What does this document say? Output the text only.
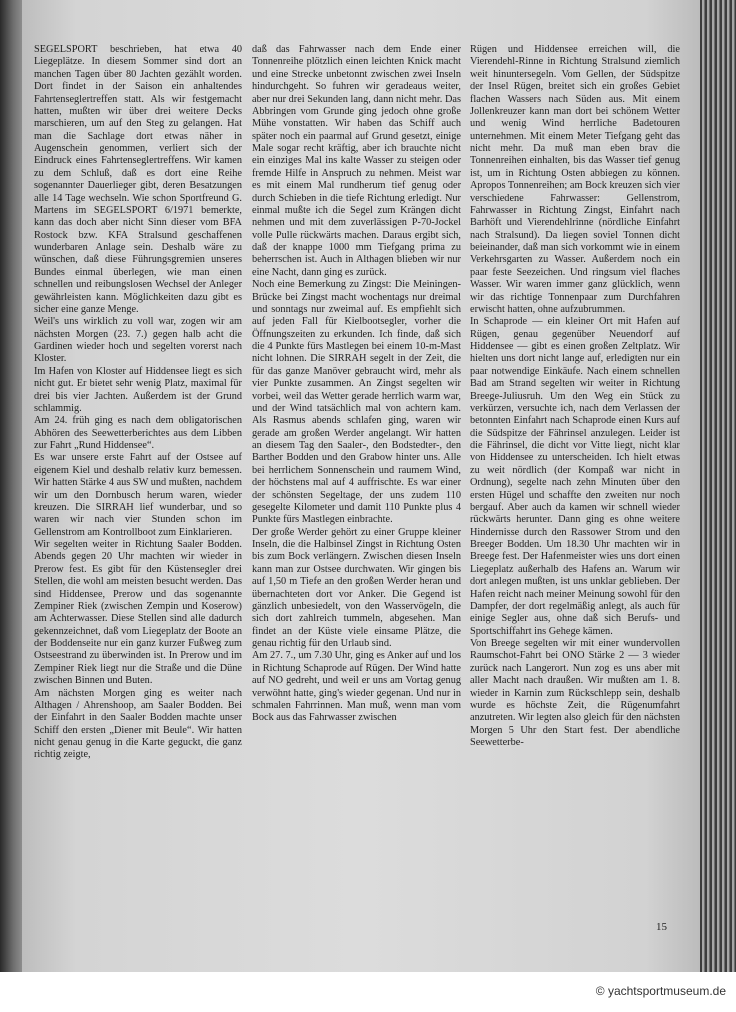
SEGELSPORT beschrieben, hat etwa 40 Liegeplätze. In diesem Sommer sind dort an manchen Tagen über 80 Jachten gezählt worden. Dort findet in der Saison ein anhaltendes Fahrtenseglertreffen statt. Als wir festgemacht hatten, mußten wir über drei weitere Decks marschieren, um auf den Steg zu gelangen. Hat man die Sachlage dort etwas näher in Augenschein genommen, verliert sich der Eindruck eines Fahrtenseglertreffens. Wir kamen zu dem Schluß, daß es dort eine Reihe sogenannter Dauerlieger gibt, deren Besatzungen alle 14 Tage wechseln. Wie schon Sportfreund G. Martens im SEGELSPORT 6/1971 bemerkte, kann das doch aber nicht Sinn dieser vom BFA Rostock bzw. KFA Stralsund geschaffenen wunderbaren Anlage sein. Deshalb wäre zu wünschen, daß diese Führungsgremien unseres Bundes einmal überlegen, wie man einen schnellen und reibungslosen Wechsel der Anleger gewährleisten kann. Möglichkeiten dazu gibt es sicher eine ganze Menge.

Weil's uns wirklich zu voll war, zogen wir am nächsten Morgen (23. 7.) gegen halb acht die Gardinen wieder hoch und segelten vorerst nach Kloster.

Im Hafen von Kloster auf Hiddensee liegt es sich nicht gut. Er bietet sehr wenig Platz, maximal für drei bis vier Jachten. Außerdem ist der Grund schlammig.

Am 24. früh ging es nach dem obligatorischen Abhören des Seewetterberichtes aus dem Libben zur Fahrt „Rund Hiddensee“.

Es war unsere erste Fahrt auf der Ostsee auf eigenem Kiel und deshalb relativ kurz bemessen. Wir hatten Stärke 4 aus SW und mußten, nachdem wir um den Dornbusch herum waren, wieder kreuzen. Die SIRRAH lief wunderbar, und so waren wir nach vier Stunden schon im Gellenstrom am Kontrollboot zum Einklarieren.

Wir segelten weiter in Richtung Saaler Bodden. Abends gegen 20 Uhr machten wir wieder in Prerow fest. Es gibt für den Küstensegler drei Stellen, die wohl am meisten besucht werden. Das sind Hiddensee, Prerow und das sogenannte Zempiner Riek (zwischen Zempin und Koserow) am Achterwasser. Diese Stellen sind alle dadurch gekennzeichnet, daß vom Liegeplatz der Boote an der Boddenseite nur ein ganz kurzer Fußweg zum Ostseestrand zu überwinden ist. In Prerow und im Zempiner Riek liegt nur die Straße und die Düne zwischen Binnen und Buten.

Am nächsten Morgen ging es weiter nach Althagen / Ahrenshoop, am Saaler Bodden. Bei der Einfahrt in den Saaler Bodden machte unser Schiff den ersten „Diener mit Beule“. Wir hatten nicht genau genug in die Karte geguckt, die ganz richtig zeigte,

daß das Fahrwasser nach dem Ende einer Tonnenreihe plötzlich einen leichten Knick macht und eine Strecke unbetonnt zwischen zwei Inseln hindurchgeht. So fuhren wir geradeaus weiter, aber nur drei Sekunden lang, dann nicht mehr. Das Abbringen vom Grunde ging jedoch ohne große Mühe vonstatten. Wir haben das Schiff auch später noch ein paarmal auf Grund gesetzt, einige Male sogar recht kräftig, aber ich brauchte nicht ein einziges Mal ins kalte Wasser zu steigen oder fremde Hilfe in Anspruch zu nehmen. Meist war es mit einem Mal rundherum tief genug oder durch Schieben in die tiefe Richtung erledigt. Nur einmal mußte ich die Segel zum Krängen dicht nehmen und mit dem zuverlässigen P-70-Jockel volle Pulle rückwärts machen. Daraus ergibt sich, daß der knappe 1000 mm Tiefgang prima zu beherrschen ist. Auch in Althagen blieben wir nur eine Nacht, dann ging es zurück.

Noch eine Bemerkung zu Zingst: Die Meiningen-Brücke bei Zingst macht wochentags nur dreimal und sonntags nur zweimal auf. Es empfiehlt sich auf jeden Fall für Kielbootsegler, vorher die Öffnungszeiten zu erkunden. Ich finde, daß sich die 4 Punkte fürs Mastlegen bei einem 10-m-Mast nicht lohnen. Die SIRRAH segelt in der Zeit, die für das ganze Manöver gebraucht wird, mehr als vier Punkte zusammen. An Zingst segelten wir vorbei, weil das Wetter gerade herrlich warm war, und der Wind tatsächlich mal von achtern kam. Als Rasmus abends schlafen ging, waren wir gerade am großen Werder angelangt. Wir hatten an diesem Tag den Saaler-, den Bodstedter-, den Barther Bodden und den Grabow hinter uns. Alle bei herrlichem Sonnenschein und raumem Wind, der höchstens mal auf 4 auffrischte. Es war einer der schönsten Segeltage, der uns zudem 110 gesegelte Kilometer und damit 110 Punkte plus 4 Punkte fürs Mastlegen einbrachte.

Der große Werder gehört zu einer Gruppe kleiner Inseln, die die Halbinsel Zingst in Richtung Osten bis zum Bock verlängern. Zwischen diesen Inseln kann man zur Ostsee durchwaten. Wir gingen bis auf 1,50 m Tiefe an den großen Werder heran und übernachteten dort vor Anker. Die Gegend ist gänzlich unbesiedelt, von den Wasservögeln, die sich dort zahlreich tummeln, abgesehen. Man findet an der Küste viele einsame Plätze, die genau richtig für den Urlaub sind.

Am 27. 7., um 7.30 Uhr, ging es Anker auf und los in Richtung Schaprode auf Rügen. Der Wind hatte auf NO gedreht, und weil er uns am Vortag genug verwöhnt hatte, ging's wieder gegenan. Und nur in schmalen Fahrrinnen. Man muß, wenn man vom Bock aus das Fahrwasser zwischen

Rügen und Hiddensee erreichen will, die Vierendehl-Rinne in Richtung Stralsund ziemlich weit hinuntersegeln. Vom Gellen, der Südspitze der Insel Rügen, breitet sich ein großes Gebiet flachen Wassers nach Süden aus. Mit einem Jollenkreuzer kann man dort bei schönem Wetter und wenig Wind herrliche Badetouren unternehmen. Mit einem Meter Tiefgang geht das nicht mehr. Da muß man eben brav die Tonnenreihen einhalten, bis das Wasser tief genug ist, um in Richtung Osten abbiegen zu können. Apropos Tonnenreihen; am Bock kreuzen sich vier verschiedene Fahrwasser: Gellenstrom, Fahrwasser in Richtung Zingst, Einfahrt nach Barhöft und Vierendehlrinne (nördliche Einfahrt nach Stralsund). Da liegen soviel Tonnen dicht beieinander, daß man sich vorkommt wie in einem Verkehrsgarten zu Wasser. Außerdem noch ein paar feste Seezeichen. Und ringsum viel flaches Wasser. Wir waren immer ganz glücklich, wenn wir das richtige Tonnenpaar zum Durchfahren erwischt hatten, ohne aufzubrummen.

In Schaprode — ein kleiner Ort mit Hafen auf Rügen, genau gegenüber Neuendorf auf Hiddensee — gibt es einen großen Zeltplatz. Wir hielten uns dort nicht lange auf, erledigten nur ein paar notwendige Einkäufe. Nach einem schnellen Bad am Strand segelten wir weiter in Richtung Breege-Juliusruh. Um den Weg ein Stück zu verkürzen, versuchte ich, nach dem Verlassen der betonnten Einfahrt nach Schaprode einen Kurs auf die Südspitze der Fährinsel anzulegen. Leider ist die Fährinsel, die dicht vor Vitte liegt, nicht klar von Hiddensee zu unterscheiden. Ich hielt etwas zu weit nördlich (der Kompaß war nicht in Ordnung), segelte nach zehn Minuten über den ersten Hügel und schaffte den zweiten nur noch bergauf. Aber auch da kamen wir schnell wieder rückwärts herunter. Dann ging es ohne weitere Hindernisse durch den Rassower Strom und den Breeger Bodden. Um 18.30 Uhr machten wir in Breege fest. Der Hafenmeister wies uns dort einen Liegeplatz außerhalb des Hafens an. Warum wir dort anlegen mußten, ist uns unklar geblieben. Der Hafen reicht nach meiner Meinung sowohl für den Dampfer, der dort regelmäßig anlegt, als auch für einige Segler aus, ohne daß sich Berufs- und Sportschiffahrt ins Gehege kämen.

Von Breege segelten wir mit einer wundervollen Raumschot-Fahrt bei ONO Stärke 2 — 3 wieder zurück nach Langerort. Nun zog es uns aber mit aller Macht nach draußen. Wir mußten am 1. 8. wieder in Karnin zum Rückschlepp sein, deshalb wurde es höchste Zeit, die Rügenumfahrt anzutreten. Wir legten also gleich für den nächsten Morgen 5 Uhr den Start fest. Der abendliche Seewetterbe-

15
© yachtsportmuseum.de
